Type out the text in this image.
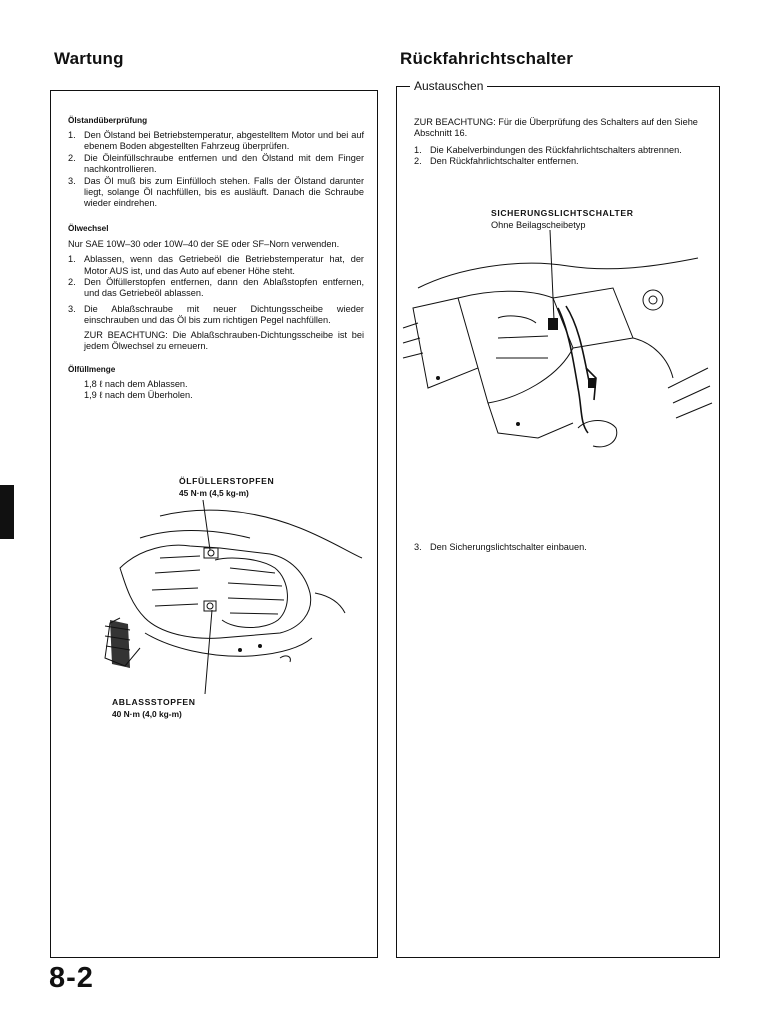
Wartung	Rückfahrichtschalter
Austauschen
Ölstandüberprüfung
1. Den Ölstand bei Betriebstemperatur, abgestelltem Motor und bei auf ebenem Boden abgestellten Fahrzeug überprüfen.
2. Die Öleinfüllschraube entfernen und den Ölstand mit dem Finger nachkontrollieren.
3. Das Öl muß bis zum Einfülloch stehen. Falls der Ölstand darunter liegt, solange Öl nachfüllen, bis es ausläuft. Danach die Schraube wieder eindrehen.
Ölwechsel
Nur SAE 10W–30 oder 10W–40 der SE oder SF–Norn verwenden.
1. Ablassen, wenn das Getriebeöl die Betriebstemperatur hat, der Motor AUS ist, und das Auto auf ebener Höhe steht.
2. Den Ölfüllerstopfen entfernen, dann den Ablaßstopfen entfernen, und das Getriebeöl ablassen.
3. Die Ablaßschraube mit neuer Dichtungsscheibe wieder einschrauben und das Öl bis zum richtigen Pegel nachfüllen.
ZUR BEACHTUNG: Die Ablaßschrauben-Dichtungsscheibe ist bei jedem Ölwechsel zu erneuern.
Ölfüllmenge
1,8 ℓ nach dem Ablassen.
1,9 ℓ nach dem Überholen.
ÖLFÜLLERSTOPFEN
45 N·m (4,5 kg-m)
ABLASSSTOPFEN
40 N·m (4,0 kg-m)
ZUR BEACHTUNG: Für die Überprüfung des Schalters auf den Siehe Abschnitt 16.
1. Die Kabelverbindungen des Rückfahrlichtschalters abtrennen.
2. Den Rückfahrlichtschalter entfernen.
SICHERUNGSLICHTSCHALTER
Ohne Beilagscheibetyp
3. Den Sicherungslichtschalter einbauen.
8-2
